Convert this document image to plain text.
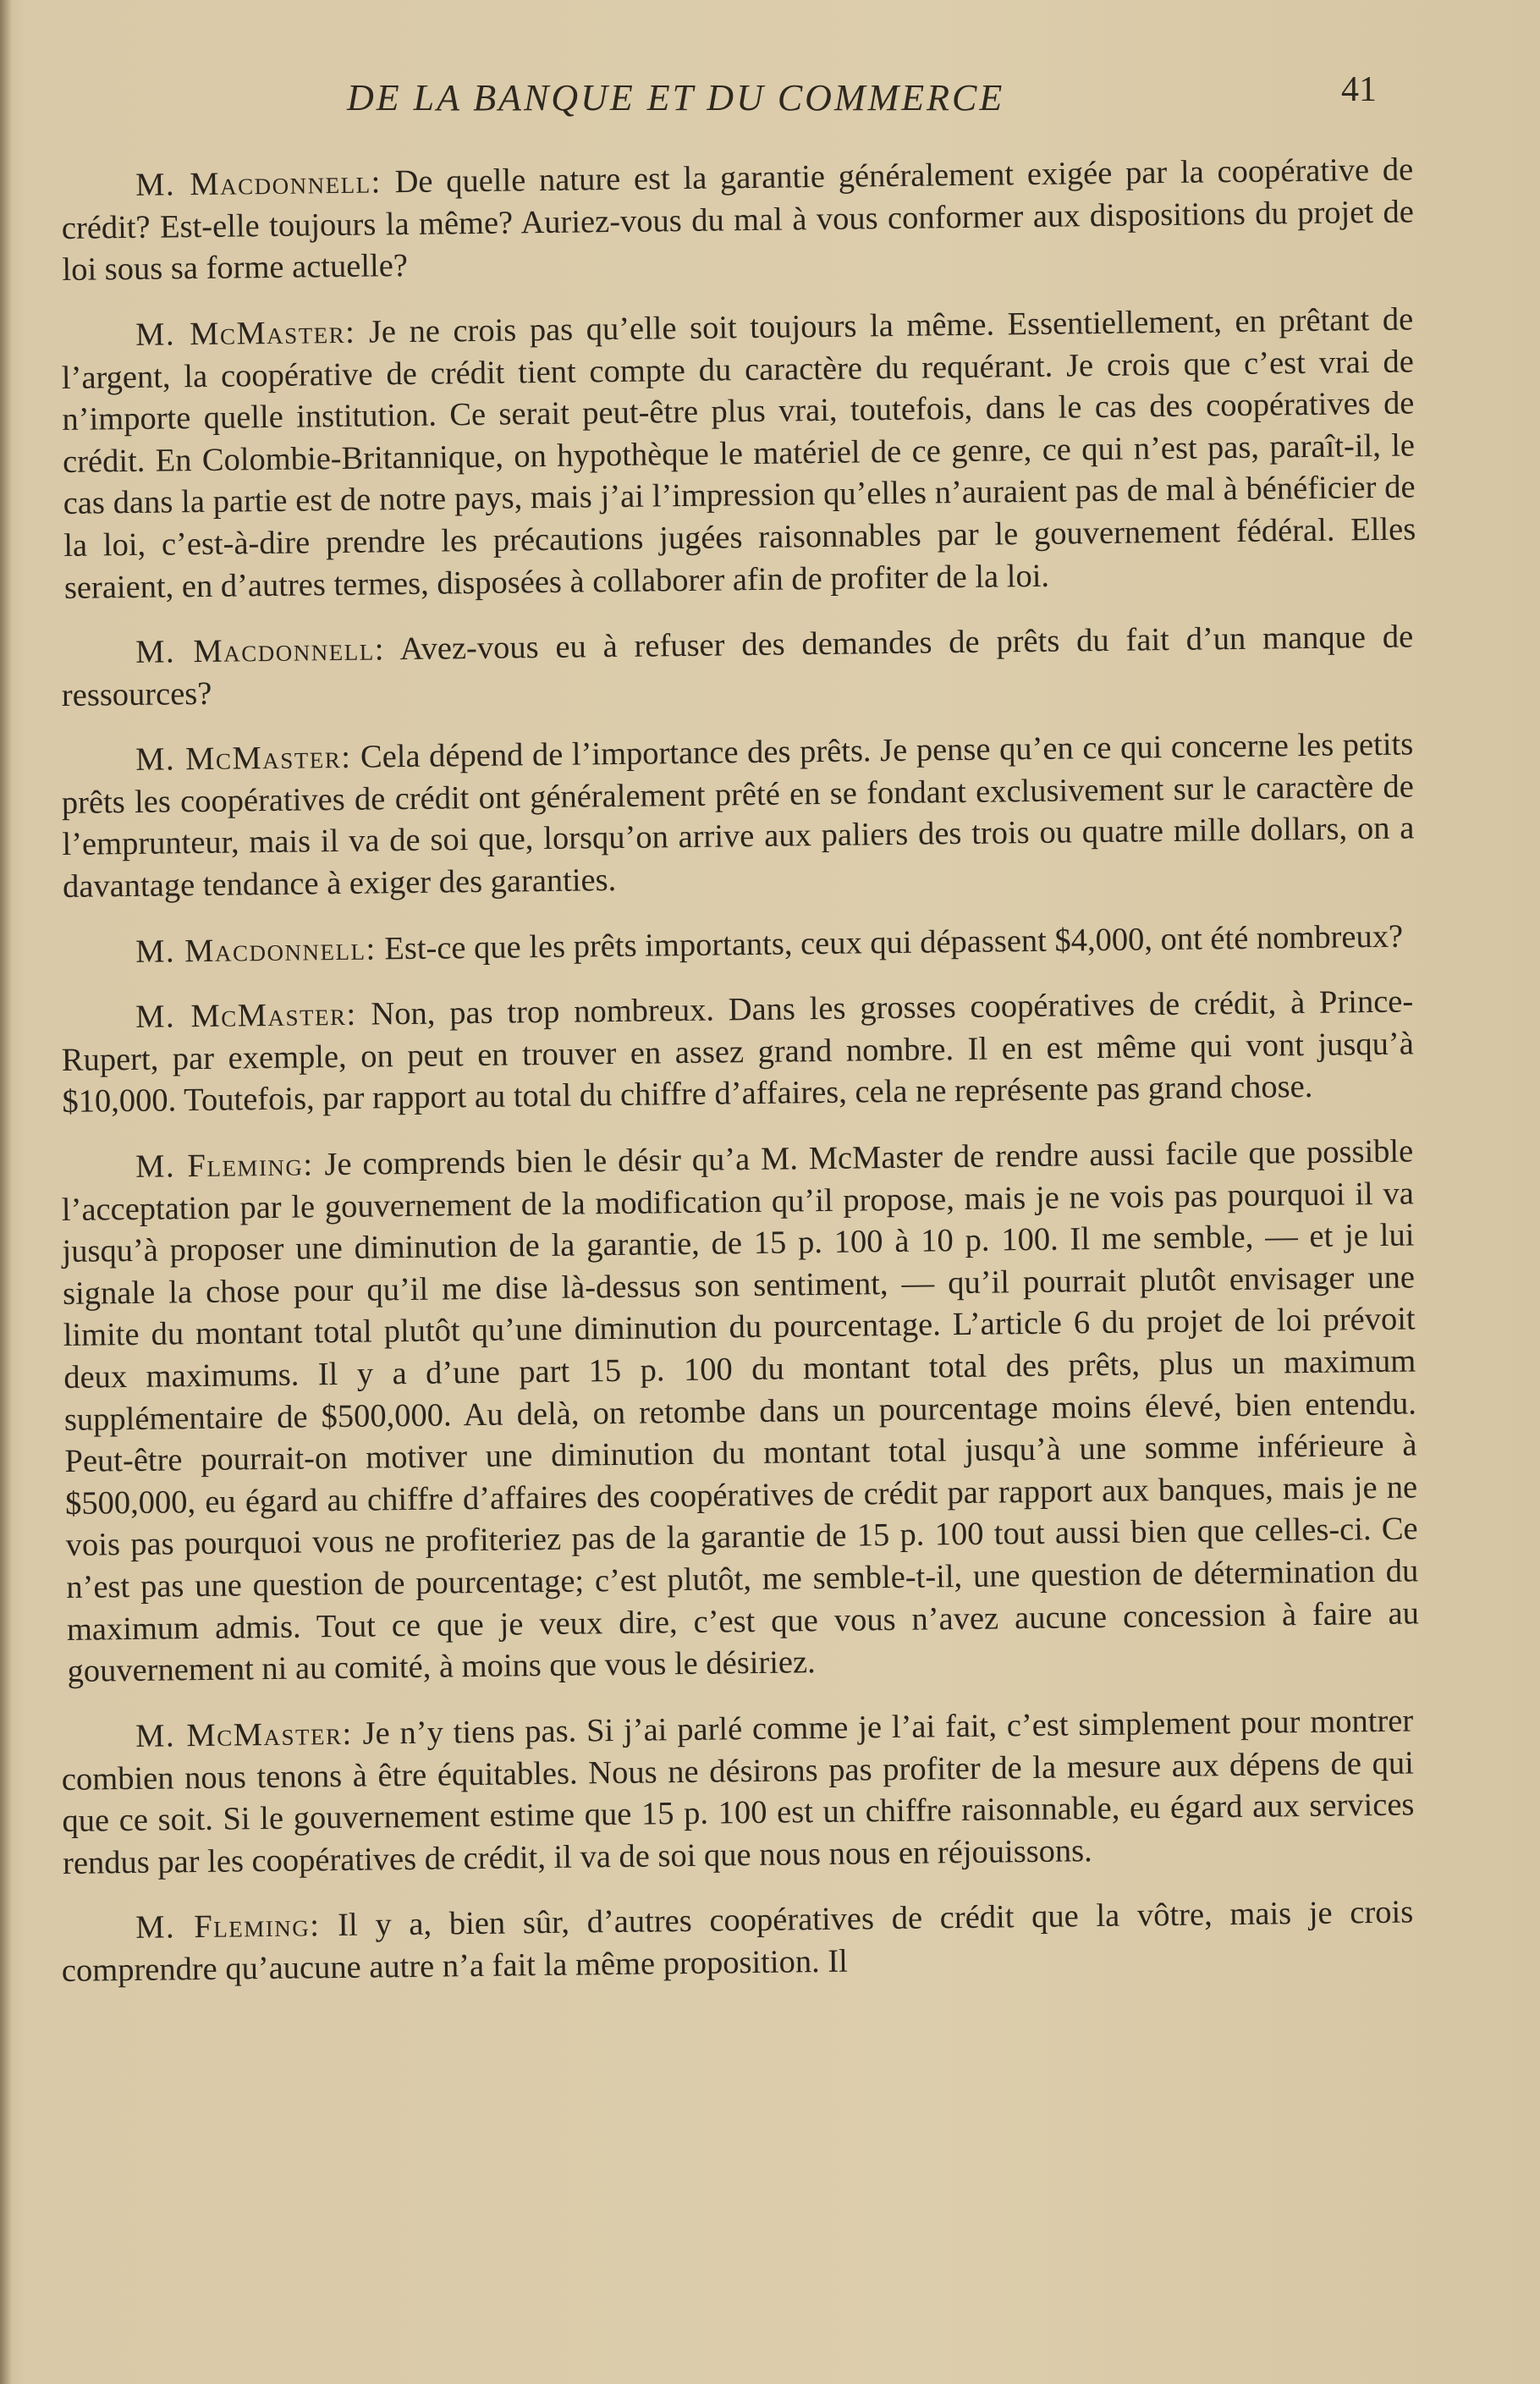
DE LA BANQUE ET DU COMMERCE	41

M. Macdonnell: De quelle nature est la garantie généralement exigée par la coopérative de crédit? Est-elle toujours la même? Auriez-vous du mal à vous conformer aux dispositions du projet de loi sous sa forme actuelle?

M. McMaster: Je ne crois pas qu’elle soit toujours la même. Essentiellement, en prêtant de l’argent, la coopérative de crédit tient compte du caractère du requérant. Je crois que c’est vrai de n’importe quelle institution. Ce serait peut-être plus vrai, toutefois, dans le cas des coopératives de crédit. En Colombie-Britannique, on hypothèque le matériel de ce genre, ce qui n’est pas, paraît-il, le cas dans la partie est de notre pays, mais j’ai l’impression qu’elles n’auraient pas de mal à bénéficier de la loi, c’est-à-dire prendre les précautions jugées raisonnables par le gouvernement fédéral. Elles seraient, en d’autres termes, disposées à collaborer afin de profiter de la loi.

M. Macdonnell: Avez-vous eu à refuser des demandes de prêts du fait d’un manque de ressources?

M. McMaster: Cela dépend de l’importance des prêts. Je pense qu’en ce qui concerne les petits prêts les coopératives de crédit ont généralement prêté en se fondant exclusivement sur le caractère de l’emprunteur, mais il va de soi que, lorsqu’on arrive aux paliers des trois ou quatre mille dollars, on a davantage tendance à exiger des garanties.

M. Macdonnell: Est-ce que les prêts importants, ceux qui dépassent $4,000, ont été nombreux?

M. McMaster: Non, pas trop nombreux. Dans les grosses coopératives de crédit, à Prince-Rupert, par exemple, on peut en trouver en assez grand nombre. Il en est même qui vont jusqu’à $10,000. Toutefois, par rapport au total du chiffre d’affaires, cela ne représente pas grand chose.

M. Fleming: Je comprends bien le désir qu’a M. McMaster de rendre aussi facile que possible l’acceptation par le gouvernement de la modification qu’il propose, mais je ne vois pas pourquoi il va jusqu’à proposer une diminution de la garantie, de 15 p. 100 à 10 p. 100. Il me semble, — et je lui signale la chose pour qu’il me dise là-dessus son sentiment, — qu’il pourrait plutôt envisager une limite du montant total plutôt qu’une diminution du pourcentage. L’article 6 du projet de loi prévoit deux maximums. Il y a d’une part 15 p. 100 du montant total des prêts, plus un maximum supplémentaire de $500,000. Au delà, on retombe dans un pourcentage moins élevé, bien entendu. Peut-être pourrait-on motiver une diminution du montant total jusqu’à une somme inférieure à $500,000, eu égard au chiffre d’affaires des coopératives de crédit par rapport aux banques, mais je ne vois pas pourquoi vous ne profiteriez pas de la garantie de 15 p. 100 tout aussi bien que celles-ci. Ce n’est pas une question de pourcentage; c’est plutôt, me semble-t-il, une question de détermination du maximum admis. Tout ce que je veux dire, c’est que vous n’avez aucune concession à faire au gouvernement ni au comité, à moins que vous le désiriez.

M. McMaster: Je n’y tiens pas. Si j’ai parlé comme je l’ai fait, c’est simplement pour montrer combien nous tenons à être équitables. Nous ne désirons pas profiter de la mesure aux dépens de qui que ce soit. Si le gouvernement estime que 15 p. 100 est un chiffre raisonnable, eu égard aux services rendus par les coopératives de crédit, il va de soi que nous nous en réjouissons.

M. Fleming: Il y a, bien sûr, d’autres coopératives de crédit que la vôtre, mais je crois comprendre qu’aucune autre n’a fait la même proposition. Il
